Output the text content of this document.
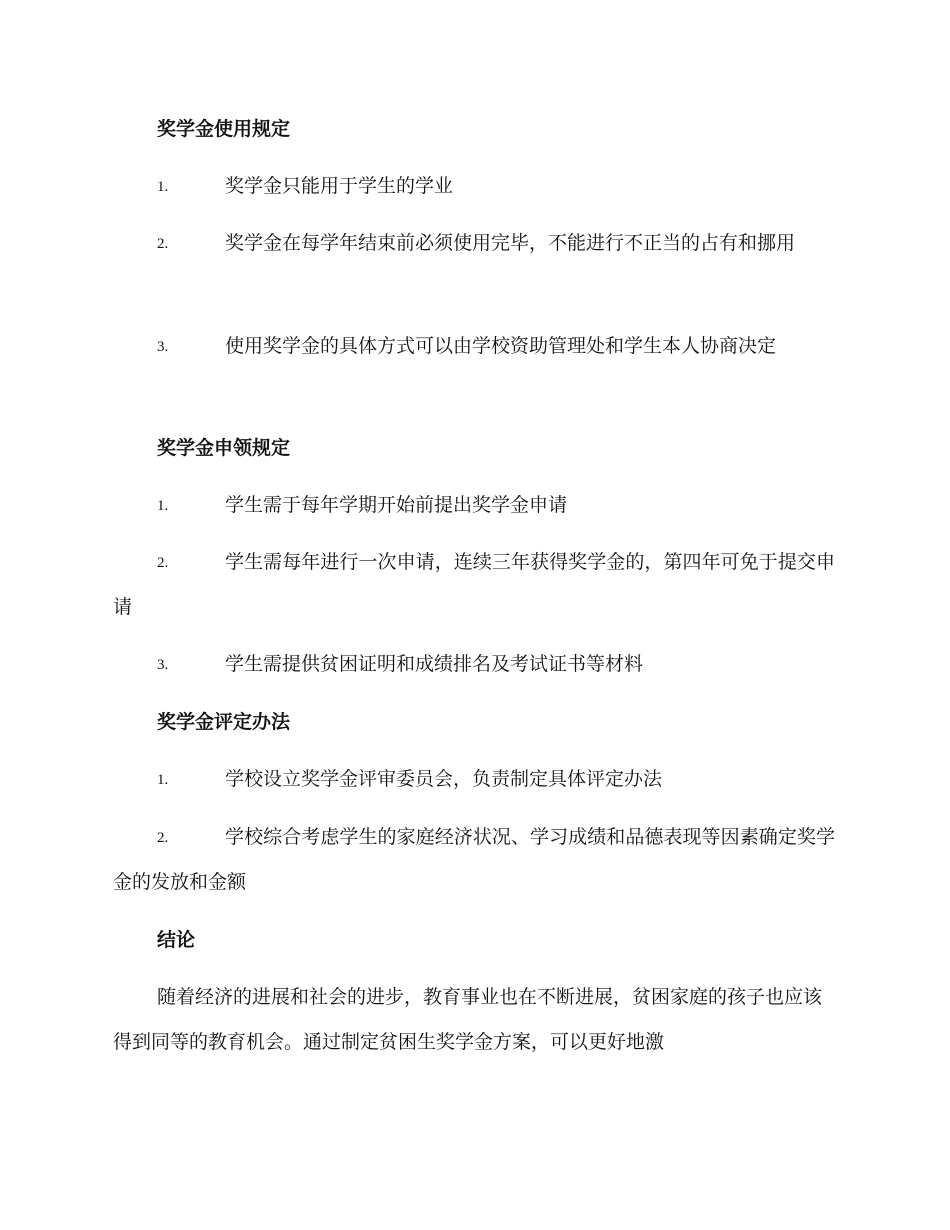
奖学金使用规定
1.	奖学金只能用于学生的学业

2.	奖学金在每学年结束前必须使用完毕，不能进行不正当的占有和挪用

3.	使用奖学金的具体方式可以由学校资助管理处和学生本人协商决定

奖学金申领规定
1.	学生需于每年学期开始前提出奖学金申请

2.	学生需每年进行一次申请，连续三年获得奖学金的，第四年可免于提交申请

3.	学生需提供贫困证明和成绩排名及考试证书等材料

奖学金评定办法
1.	学校设立奖学金评审委员会，负责制定具体评定办法

2.	学校综合考虑学生的家庭经济状况、学习成绩和品德表现等因素确定奖学金的发放和金额

结论

随着经济的进展和社会的进步，教育事业也在不断进展，贫困家庭的孩子也应该得到同等的教育机会。通过制定贫困生奖学金方案，可以更好地激
